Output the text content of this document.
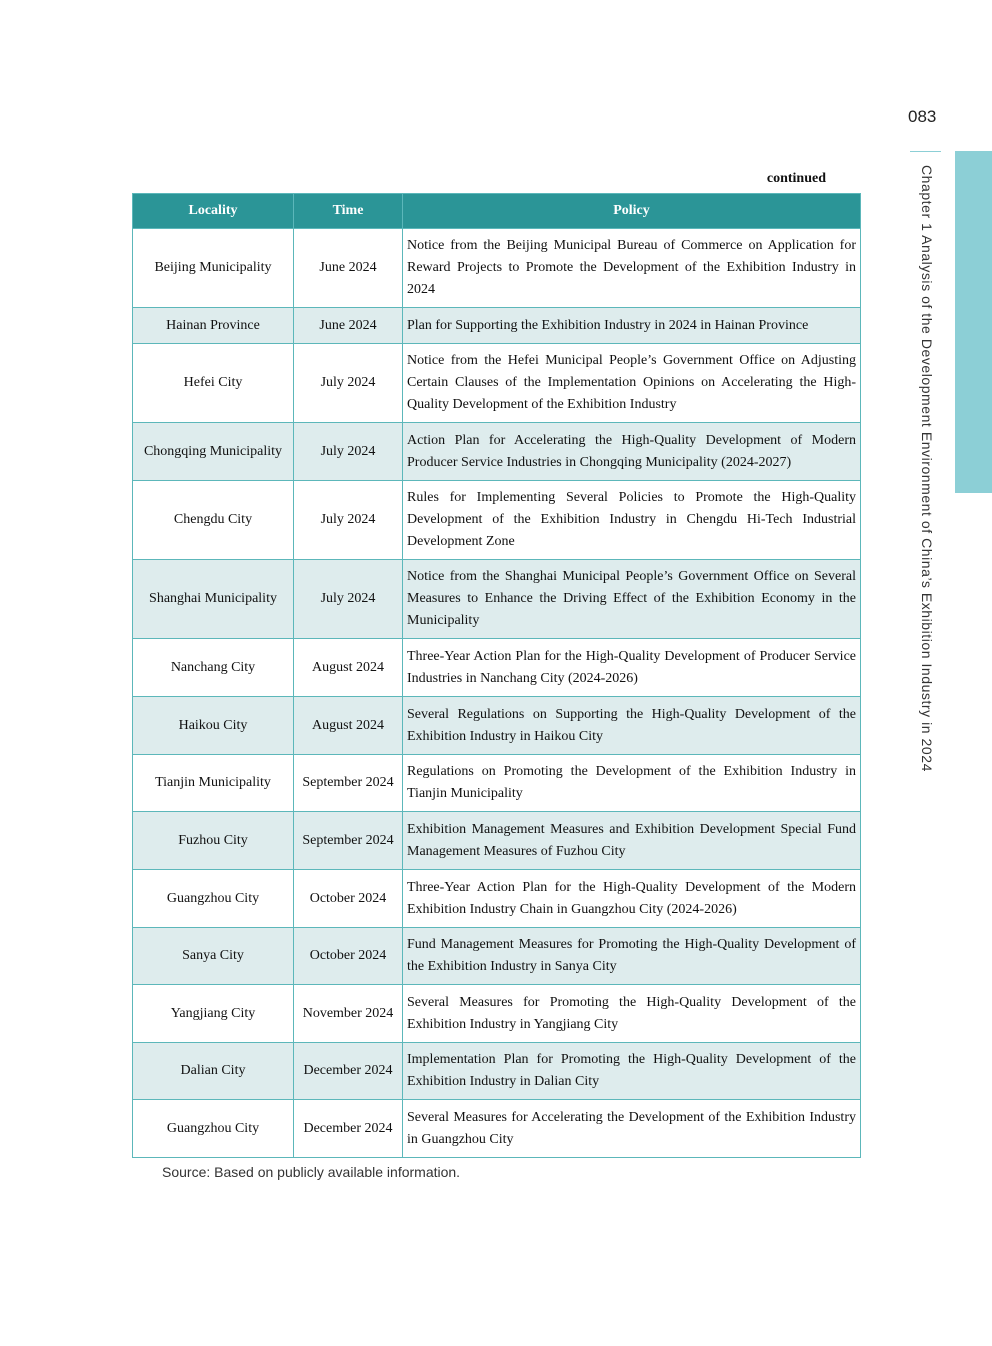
083
Chapter 1 Analysis of the Development Environment of China’s Exhibition Industry in 2024
continued
Locality	Time	Policy
Beijing Municipality	June 2024	Notice from the Beijing Municipal Bureau of Commerce on Application for Reward Projects to Promote the Development of the Exhibition Industry in 2024
Hainan Province	June 2024	Plan for Supporting the Exhibition Industry in 2024 in Hainan Province
Hefei City	July 2024	Notice from the Hefei Municipal People’s Government Office on Adjusting Certain Clauses of the Implementation Opinions on Accelerating the High-Quality Development of the Exhibition Industry
Chongqing Municipality	July 2024	Action Plan for Accelerating the High-Quality Development of Modern Producer Service Industries in Chongqing Municipality (2024-2027)
Chengdu City	July 2024	Rules for Implementing Several Policies to Promote the High-Quality Development of the Exhibition Industry in Chengdu Hi-Tech Industrial Development Zone
Shanghai Municipality	July 2024	Notice from the Shanghai Municipal People’s Government Office on Several Measures to Enhance the Driving Effect of the Exhibition Economy in the Municipality
Nanchang City	August 2024	Three-Year Action Plan for the High-Quality Development of Producer Service Industries in Nanchang City (2024-2026)
Haikou City	August 2024	Several Regulations on Supporting the High-Quality Development of the Exhibition Industry in Haikou City
Tianjin Municipality	September 2024	Regulations on Promoting the Development of the Exhibition Industry in Tianjin Municipality
Fuzhou City	September 2024	Exhibition Management Measures and Exhibition Development Special Fund Management Measures of Fuzhou City
Guangzhou City	October 2024	Three-Year Action Plan for the High-Quality Development of the Modern Exhibition Industry Chain in Guangzhou City (2024-2026)
Sanya City	October 2024	Fund Management Measures for Promoting the High-Quality Development of the Exhibition Industry in Sanya City
Yangjiang City	November 2024	Several Measures for Promoting the High-Quality Development of the Exhibition Industry in Yangjiang City
Dalian City	December 2024	Implementation Plan for Promoting the High-Quality Development of the Exhibition Industry in Dalian City
Guangzhou City	December 2024	Several Measures for Accelerating the Development of the Exhibition Industry in Guangzhou City
Source: Based on publicly available information.
